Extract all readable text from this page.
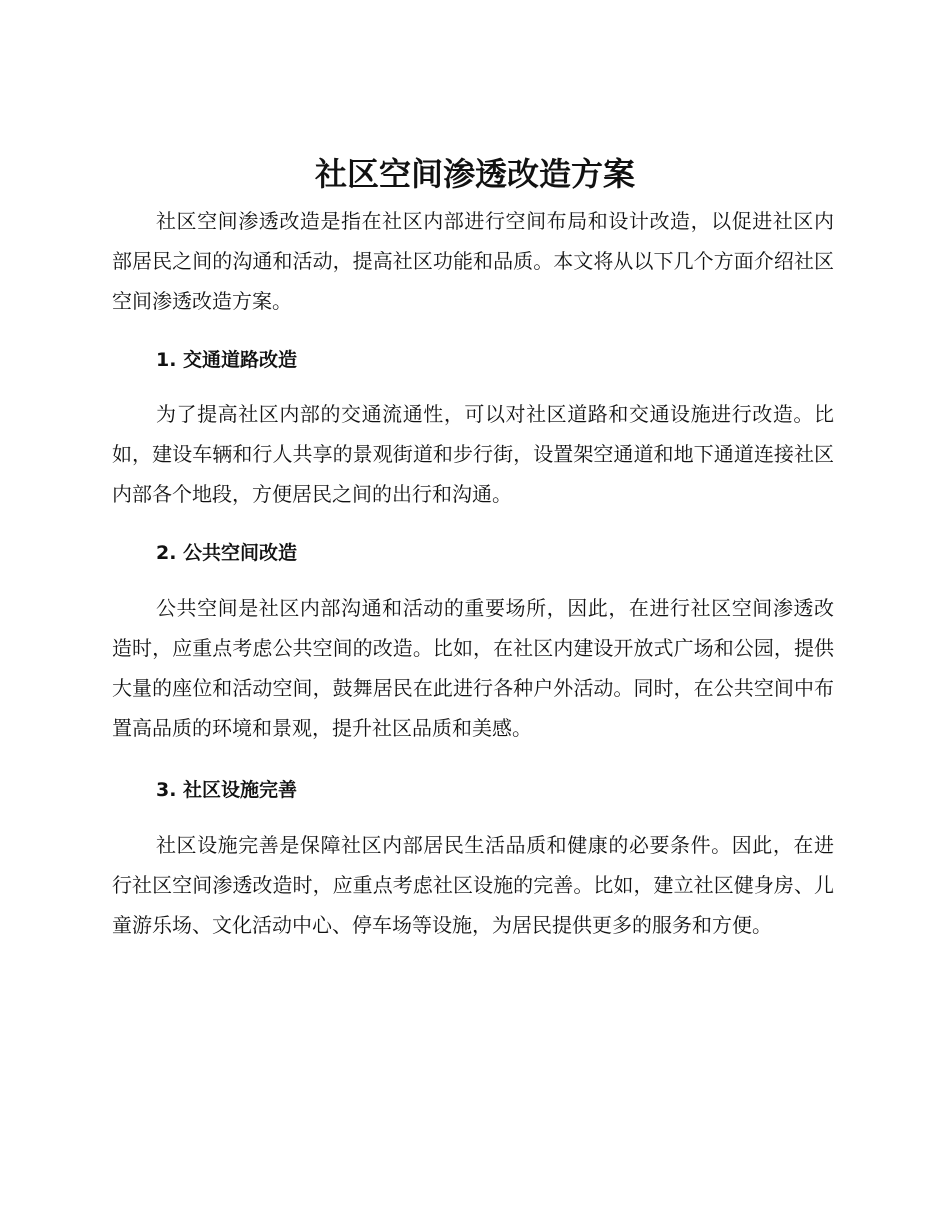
社区空间渗透改造方案

社区空间渗透改造是指在社区内部进行空间布局和设计改造，以促进社区内部居民之间的沟通和活动，提高社区功能和品质。本文将从以下几个方面介绍社区空间渗透改造方案。

1. 交通道路改造

为了提高社区内部的交通流通性，可以对社区道路和交通设施进行改造。比如，建设车辆和行人共享的景观街道和步行街，设置架空通道和地下通道连接社区内部各个地段，方便居民之间的出行和沟通。

2. 公共空间改造

公共空间是社区内部沟通和活动的重要场所，因此，在进行社区空间渗透改造时，应重点考虑公共空间的改造。比如，在社区内建设开放式广场和公园，提供大量的座位和活动空间，鼓舞居民在此进行各种户外活动。同时，在公共空间中布置高品质的环境和景观，提升社区品质和美感。

3. 社区设施完善

社区设施完善是保障社区内部居民生活品质和健康的必要条件。因此，在进行社区空间渗透改造时，应重点考虑社区设施的完善。比如，建立社区健身房、儿童游乐场、文化活动中心、停车场等设施，为居民提供更多的服务和方便。
